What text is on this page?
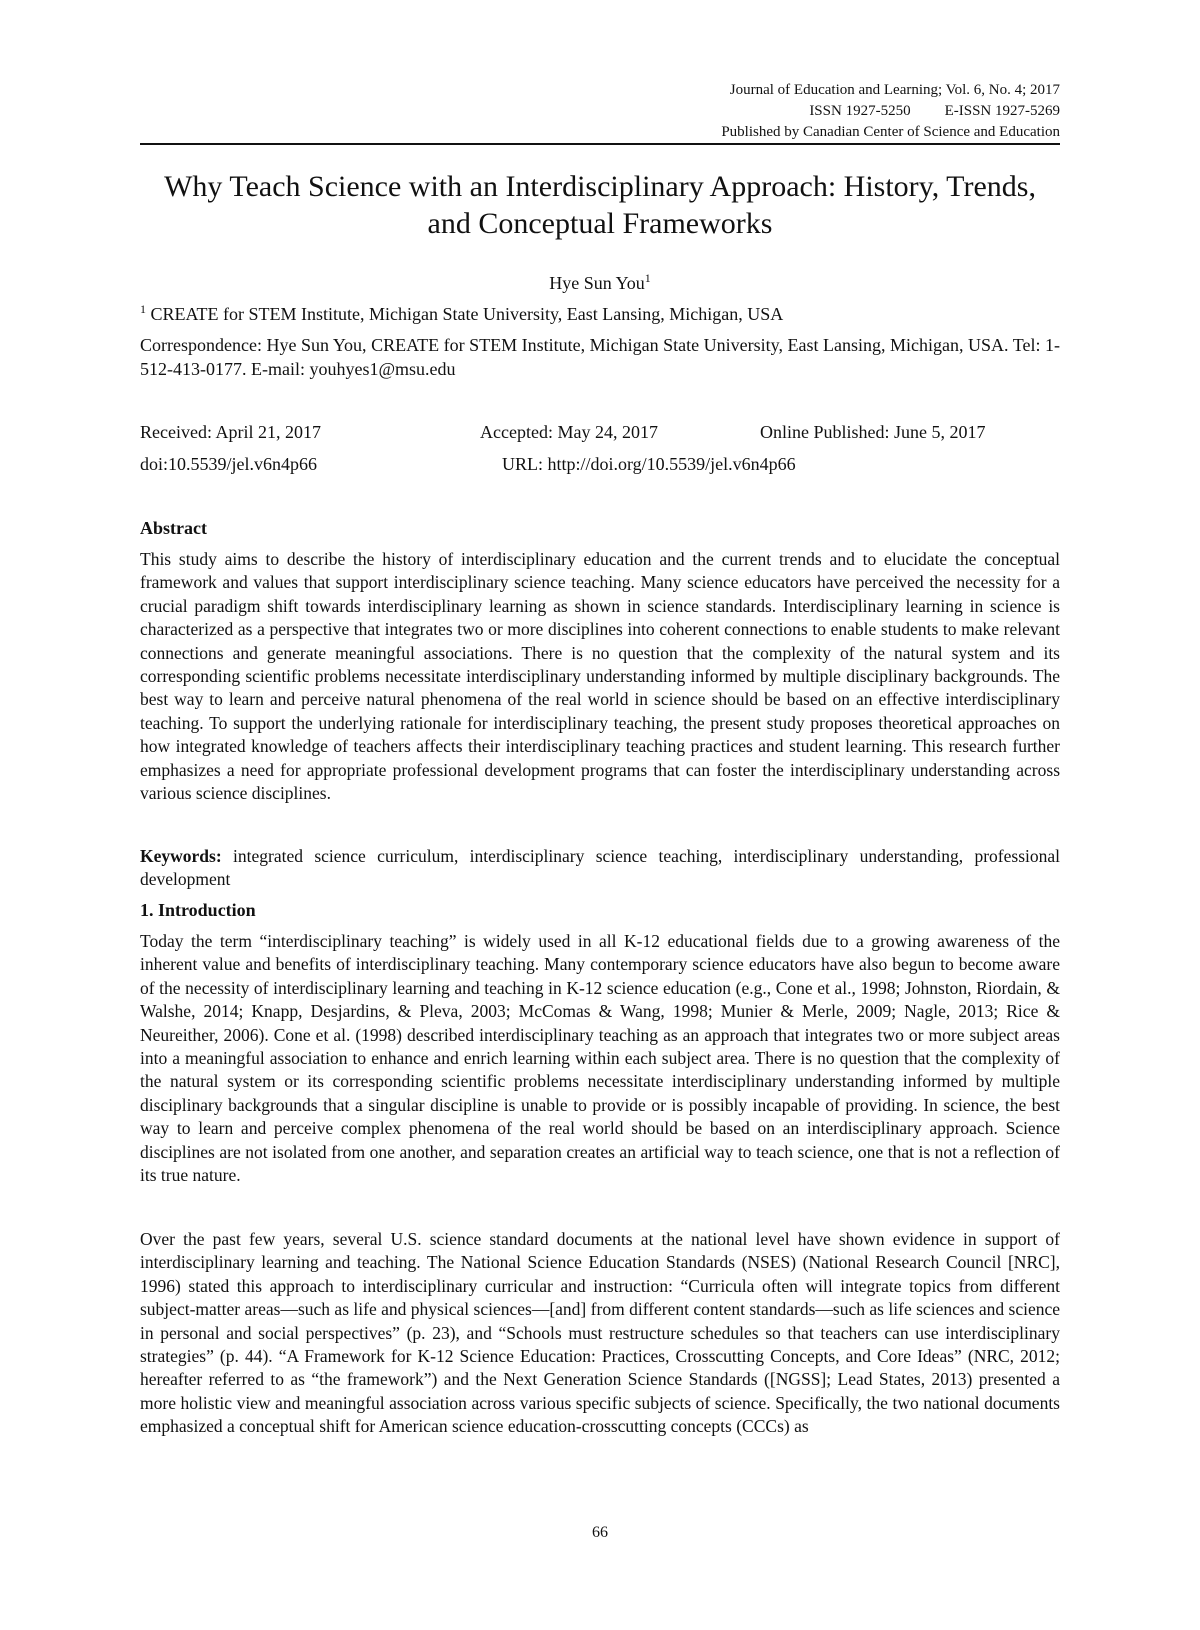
Journal of Education and Learning; Vol. 6, No. 4; 2017
ISSN 1927-5250 E-ISSN 1927-5269
Published by Canadian Center of Science and Education
Why Teach Science with an Interdisciplinary Approach: History, Trends, and Conceptual Frameworks
Hye Sun You$^1$
$^1$ CREATE for STEM Institute, Michigan State University, East Lansing, Michigan, USA
Correspondence: Hye Sun You, CREATE for STEM Institute, Michigan State University, East Lansing, Michigan, USA. Tel: 1-512-413-0177. E-mail: youhyes1@msu.edu
Received: April 21, 2017	Accepted: May 24, 2017	Online Published: June 5, 2017
doi:10.5539/jel.v6n4p66	URL: http://doi.org/10.5539/jel.v6n4p66
Abstract

This study aims to describe the history of interdisciplinary education and the current trends and to elucidate the conceptual framework and values that support interdisciplinary science teaching. Many science educators have perceived the necessity for a crucial paradigm shift towards interdisciplinary learning as shown in science standards. Interdisciplinary learning in science is characterized as a perspective that integrates two or more disciplines into coherent connections to enable students to make relevant connections and generate meaningful associations. There is no question that the complexity of the natural system and its corresponding scientific problems necessitate interdisciplinary understanding informed by multiple disciplinary backgrounds. The best way to learn and perceive natural phenomena of the real world in science should be based on an effective interdisciplinary teaching. To support the underlying rationale for interdisciplinary teaching, the present study proposes theoretical approaches on how integrated knowledge of teachers affects their interdisciplinary teaching practices and student learning. This research further emphasizes a need for appropriate professional development programs that can foster the interdisciplinary understanding across various science disciplines.

Keywords: integrated science curriculum, interdisciplinary science teaching, interdisciplinary understanding, professional development

1. Introduction

Today the term “interdisciplinary teaching” is widely used in all K-12 educational fields due to a growing awareness of the inherent value and benefits of interdisciplinary teaching. Many contemporary science educators have also begun to become aware of the necessity of interdisciplinary learning and teaching in K-12 science education (e.g., Cone et al., 1998; Johnston, Riordain, & Walshe, 2014; Knapp, Desjardins, & Pleva, 2003; McComas & Wang, 1998; Munier & Merle, 2009; Nagle, 2013; Rice & Neureither, 2006). Cone et al. (1998) described interdisciplinary teaching as an approach that integrates two or more subject areas into a meaningful association to enhance and enrich learning within each subject area. There is no question that the complexity of the natural system or its corresponding scientific problems necessitate interdisciplinary understanding informed by multiple disciplinary backgrounds that a singular discipline is unable to provide or is possibly incapable of providing. In science, the best way to learn and perceive complex phenomena of the real world should be based on an interdisciplinary approach. Science disciplines are not isolated from one another, and separation creates an artificial way to teach science, one that is not a reflection of its true nature.

Over the past few years, several U.S. science standard documents at the national level have shown evidence in support of interdisciplinary learning and teaching. The National Science Education Standards (NSES) (National Research Council [NRC], 1996) stated this approach to interdisciplinary curricular and instruction: “Curricula often will integrate topics from different subject-matter areas—such as life and physical sciences—[and] from different content standards—such as life sciences and science in personal and social perspectives” (p. 23), and “Schools must restructure schedules so that teachers can use interdisciplinary strategies” (p. 44). “A Framework for K-12 Science Education: Practices, Crosscutting Concepts, and Core Ideas” (NRC, 2012; hereafter referred to as “the framework”) and the Next Generation Science Standards ([NGSS]; Lead States, 2013) presented a more holistic view and meaningful association across various specific subjects of science. Specifically, the two national documents emphasized a conceptual shift for American science education-crosscutting concepts (CCCs) as

66
